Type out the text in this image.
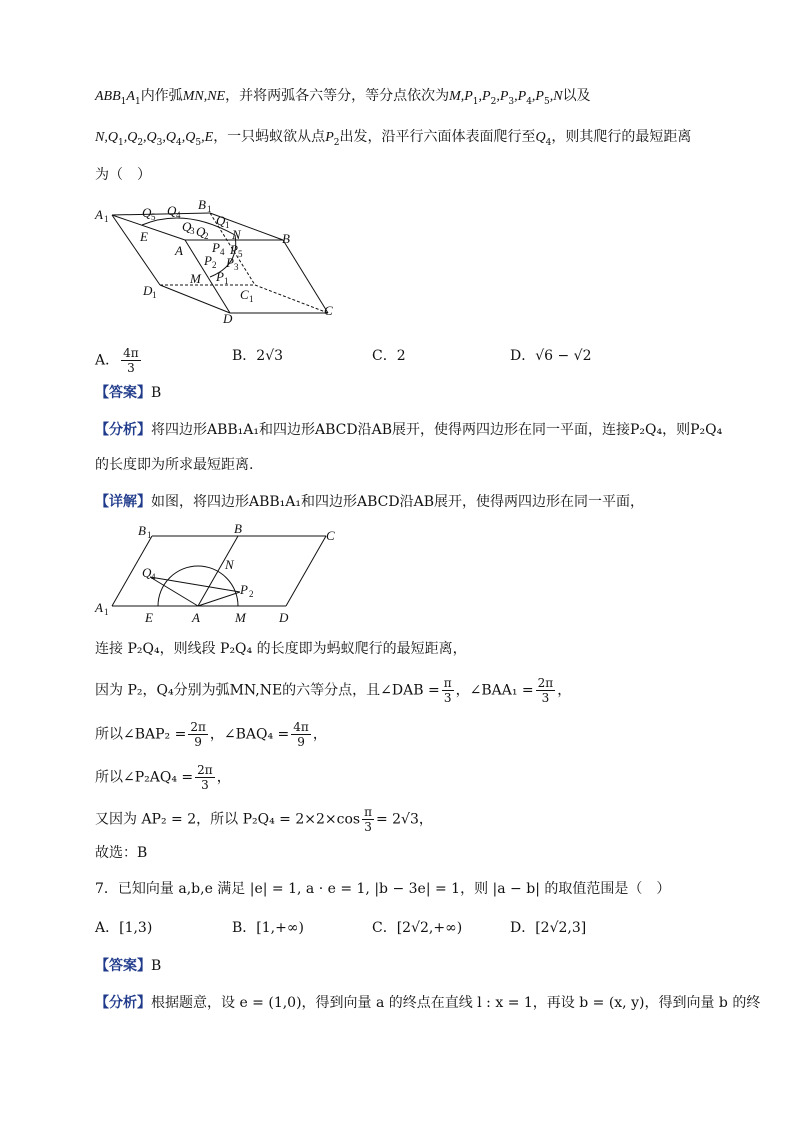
$ABB_1A_1$内作弧MN,NE，并将两弧各六等分，等分点依次为$M,P_1,P_2,P_3,P_4,P_5,N$以及
$N,Q_1,Q_2,Q_3,Q_4,Q_5,E$，一只蚂蚁欲从点$P_2$出发，沿平行六面体表面爬行至$Q_4$，则其爬行的最短距离
为（　）
A 1
B 1
Q 5 Q 4	Q 1
Q
3 Q
2 N	B
E
A P 4 P 5
P 2 P 3
M P 1
D 1	C 1
D
C
A． $\frac{4\pi}{3}$	B．2√3	C．2	D．√6 − √2
【答案】B
【分析】将四边形ABB₁A₁和四边形ABCD沿AB展开，使得两四边形在同一平面，连接P₂Q₄，则P₂Q₄
的长度即为所求最短距离.
【详解】如图，将四边形ABB₁A₁和四边形ABCD沿AB展开，使得两四边形在同一平面，
B 1	B	C
Q 4
N
P 2
A 1	E	A	M	D
连接 P₂Q₄，则线段 P₂Q₄ 的长度即为蚂蚁爬行的最短距离，
因为 P₂，Q₄分别为弧MN,NE的六等分点，且∠DAB = $\frac{\pi}{3}$ ，∠BAA₁ = $\frac{2\pi}{3}$ ，
所以∠BAP₂ = $\frac{2\pi}{9}$ ，∠BAQ₄ = $\frac{4\pi}{9}$ ，
所以∠P₂AQ₄ = $\frac{2\pi}{3}$ ，
又因为 AP₂ = 2，所以 $P_2Q_4 = 2\times 2\times\cos \frac{\pi}{3} = 2√3$，
故选：B
7．已知向量 a,b,e 满足 |e| = 1, a · e = 1, |b − 3e| = 1，则 |a − b| 的取值范围是（　）
A．[1,3)	B．[1,+∞)	C．[2√2,+∞)	D．[2√2,3]
【答案】B
【分析】根据题意，设 e = (1,0)，得到向量 a 的终点在直线 l : x = 1，再设 b = (x, y)，得到向量 b 的终
